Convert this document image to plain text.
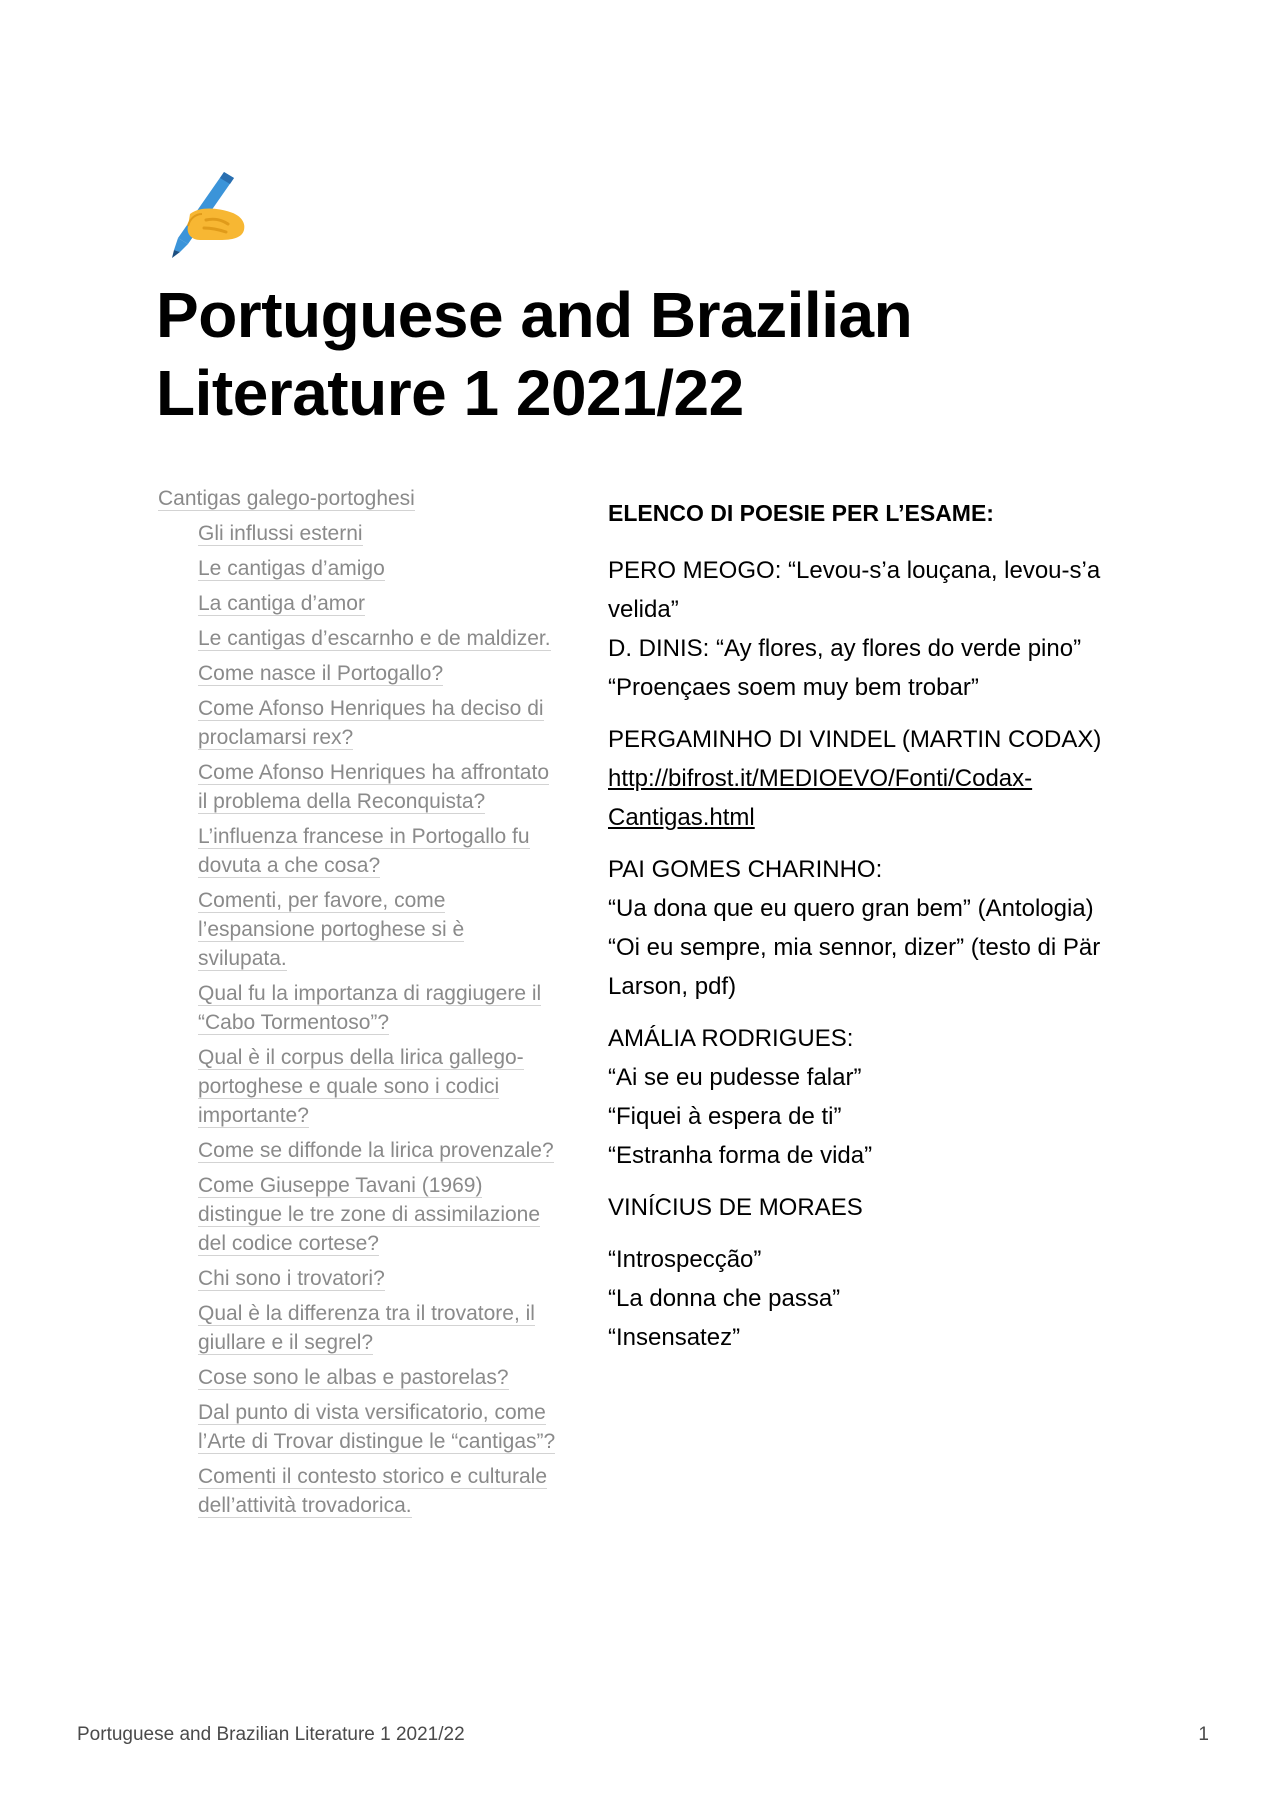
Portuguese and Brazilian
Literature 1 2021/22
Cantigas galego-portoghesi
Gli influssi esterni
Le cantigas d’amigo
La cantiga d’amor
Le cantigas d’escarnho e de maldizer.
Come nasce il Portogallo?
Come Afonso Henriques ha deciso di proclamarsi rex?
Come Afonso Henriques ha affrontato il problema della Reconquista?
L’influenza francese in Portogallo fu dovuta a che cosa?
Comenti, per favore, come l’espansione portoghese si è svilupata.
Qual fu la importanza di raggiugere il “Cabo Tormentoso”?
Qual è il corpus della lirica gallego-portoghese e quale sono i codici importante?
Come se diffonde la lirica provenzale?
Come Giuseppe Tavani (1969) distingue le tre zone di assimilazione del codice cortese?
Chi sono i trovatori?
Qual è la differenza tra il trovatore, il giullare e il segrel?
Cose sono le albas e pastorelas?
Dal punto di vista versificatorio, come l’Arte di Trovar distingue le “cantigas”?
Comenti il contesto storico e culturale dell’attività trovadorica.

ELENCO DI POESIE PER L’ESAME:

PERO MEOGO: “Levou-s’a louçana, levou-s’a velida”
D. DINIS: “Ay flores, ay flores do verde pino”
“Proençaes soem muy bem trobar”

PERGAMINHO DI VINDEL (MARTIN CODAX)
http://bifrost.it/MEDIOEVO/Fonti/Codax-Cantigas.html

PAI GOMES CHARINHO:
“Ua dona que eu quero gran bem” (Antologia)
“Oi eu sempre, mia sennor, dizer” (testo di Pär Larson, pdf)

AMÁLIA RODRIGUES:
“Ai se eu pudesse falar”
“Fiquei à espera de ti”
“Estranha forma de vida”

VINÍCIUS DE MORAES

“Introspecção”
“La donna che passa”
“Insensatez”

Portuguese and Brazilian Literature 1 2021/22	1
